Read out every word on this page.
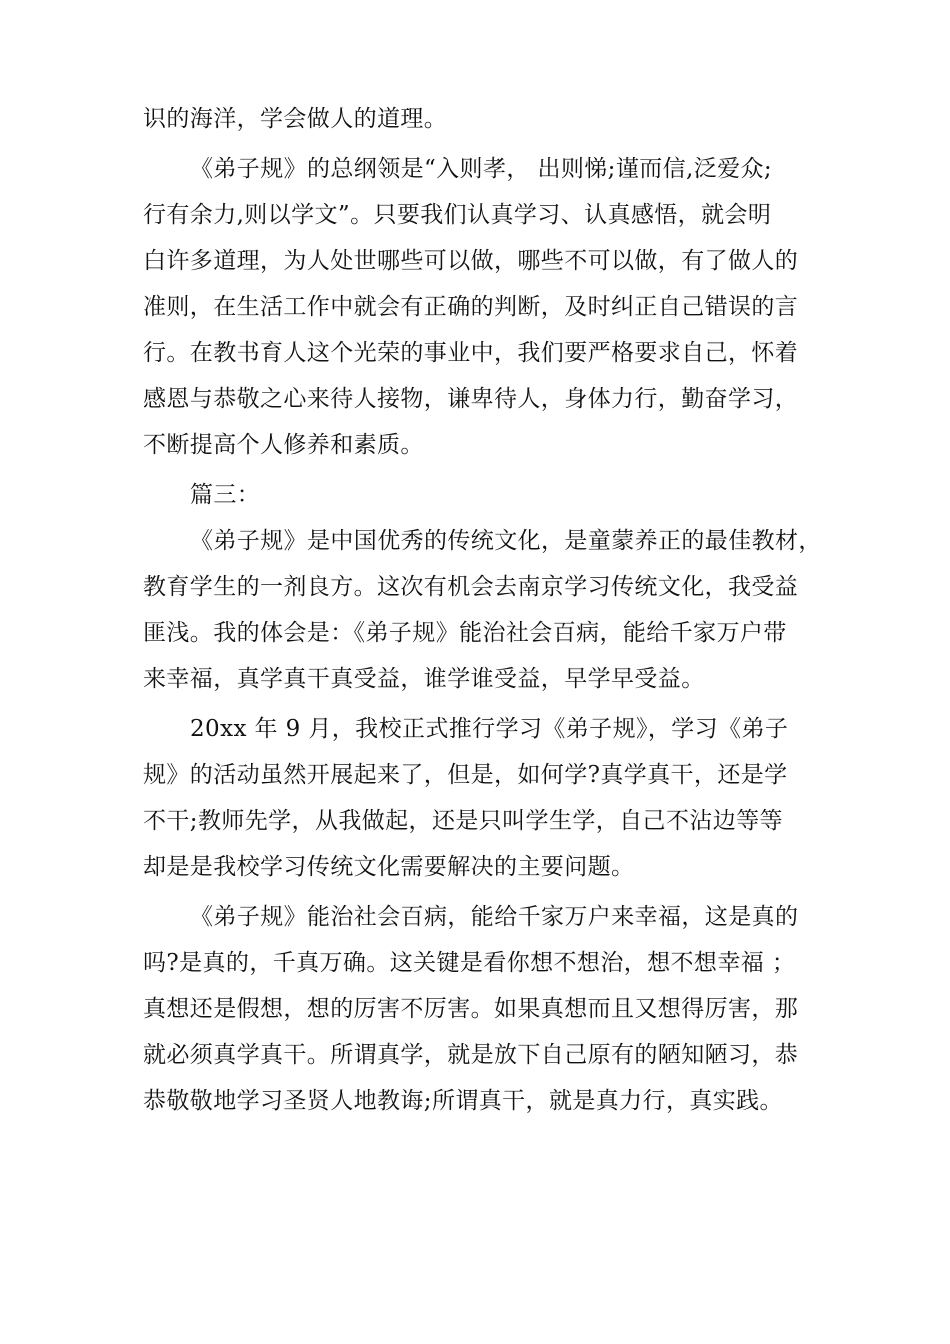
识的海洋，学会做人的道理。
《弟子规》的总纲领是“入则孝， 出则悌;谨而信,泛爱众;
行有余力,则以学文”。只要我们认真学习、认真感悟，就会明
白许多道理，为人处世哪些可以做，哪些不可以做，有了做人的
准则，在生活工作中就会有正确的判断，及时纠正自己错误的言
行。在教书育人这个光荣的事业中，我们要严格要求自己，怀着
感恩与恭敬之心来待人接物，谦卑待人，身体力行，勤奋学习，
不断提高个人修养和素质。
篇三：
《弟子规》是中国优秀的传统文化，是童蒙养正的最佳教材，
教育学生的一剂良方。这次有机会去南京学习传统文化，我受益
匪浅。我的体会是：《弟子规》能治社会百病，能给千家万户带
来幸福，真学真干真受益，谁学谁受益，早学早受益。
20xx 年 9 月，我校正式推行学习《弟子规》，学习《弟子
规》的活动虽然开展起来了，但是，如何学?真学真干，还是学
不干;教师先学，从我做起，还是只叫学生学，自己不沾边等等
却是是我校学习传统文化需要解决的主要问题。
《弟子规》能治社会百病，能给千家万户来幸福，这是真的
吗?是真的，千真万确。这关键是看你想不想治，想不想幸福 ；
真想还是假想，想的厉害不厉害。如果真想而且又想得厉害，那
就必须真学真干。所谓真学，就是放下自己原有的陋知陋习，恭
恭敬敬地学习圣贤人地教诲;所谓真干，就是真力行，真实践。
